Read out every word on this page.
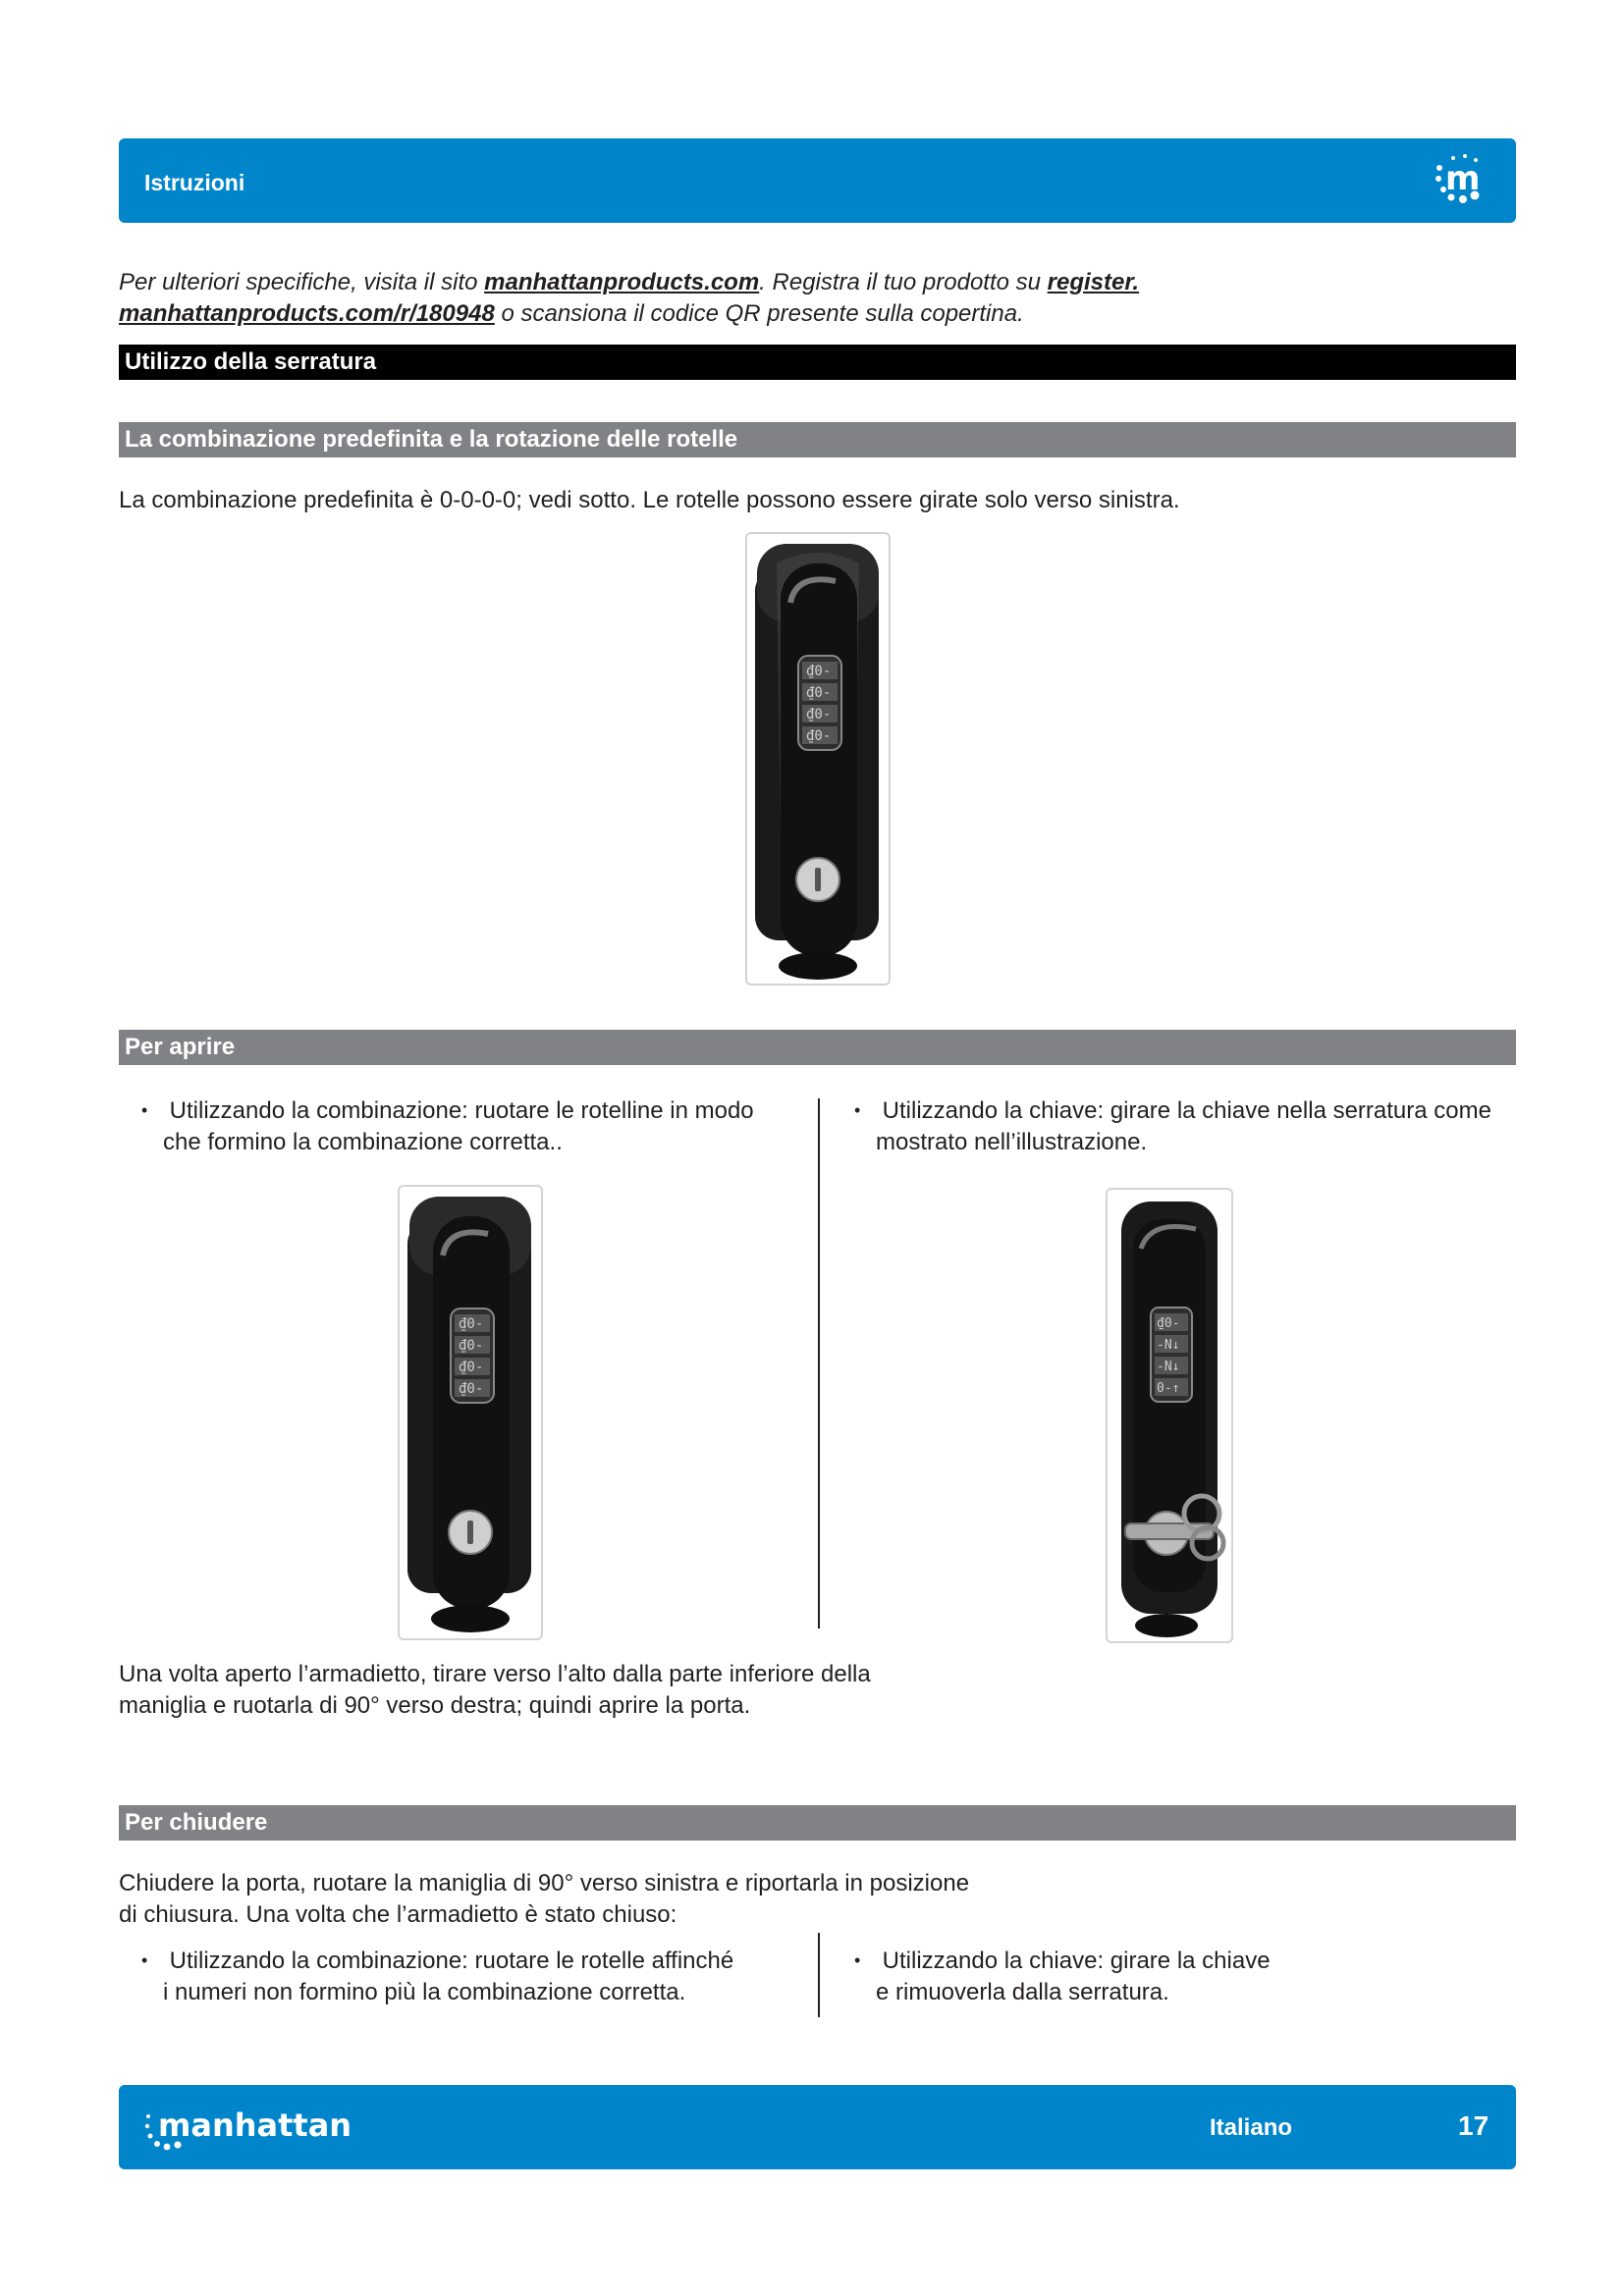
m
Istruzioni
Per ulteriori specifiche, visita il sito manhattanproducts.com. Registra il tuo prodotto su register.
manhattanproducts.com/r/180948 o scansiona il codice QR presente sulla copertina.
Utilizzo della serratura
La combinazione predefinita e la rotazione delle rotelle
La combinazione predefinita è 0-0-0-0; vedi sotto. Le rotelle possono essere girate solo verso sinistra.
₫0-
₫0-
₫0-
₫0-
Per aprire
• Utilizzando la combinazione: ruotare le rotelline in modo
che formino la combinazione corretta..
• Utilizzando la chiave: girare la chiave nella serratura come
mostrato nell’illustrazione.
₫0-
₫0-
₫0-
₫0-
₫0-
-N↓
-N↓
0-↑
Una volta aperto l’armadietto, tirare verso l’alto dalla parte inferiore della
maniglia e ruotarla di 90° verso destra; quindi aprire la porta.
Per chiudere
Chiudere la porta, ruotare la maniglia di 90° verso sinistra e riportarla in posizione
di chiusura. Una volta che l’armadietto è stato chiuso:
• Utilizzando la combinazione: ruotare le rotelle affinché
i numeri non formino più la combinazione corretta.
• Utilizzando la chiave: girare la chiave
e rimuoverla dalla serratura.
manhattan	Italiano	17
